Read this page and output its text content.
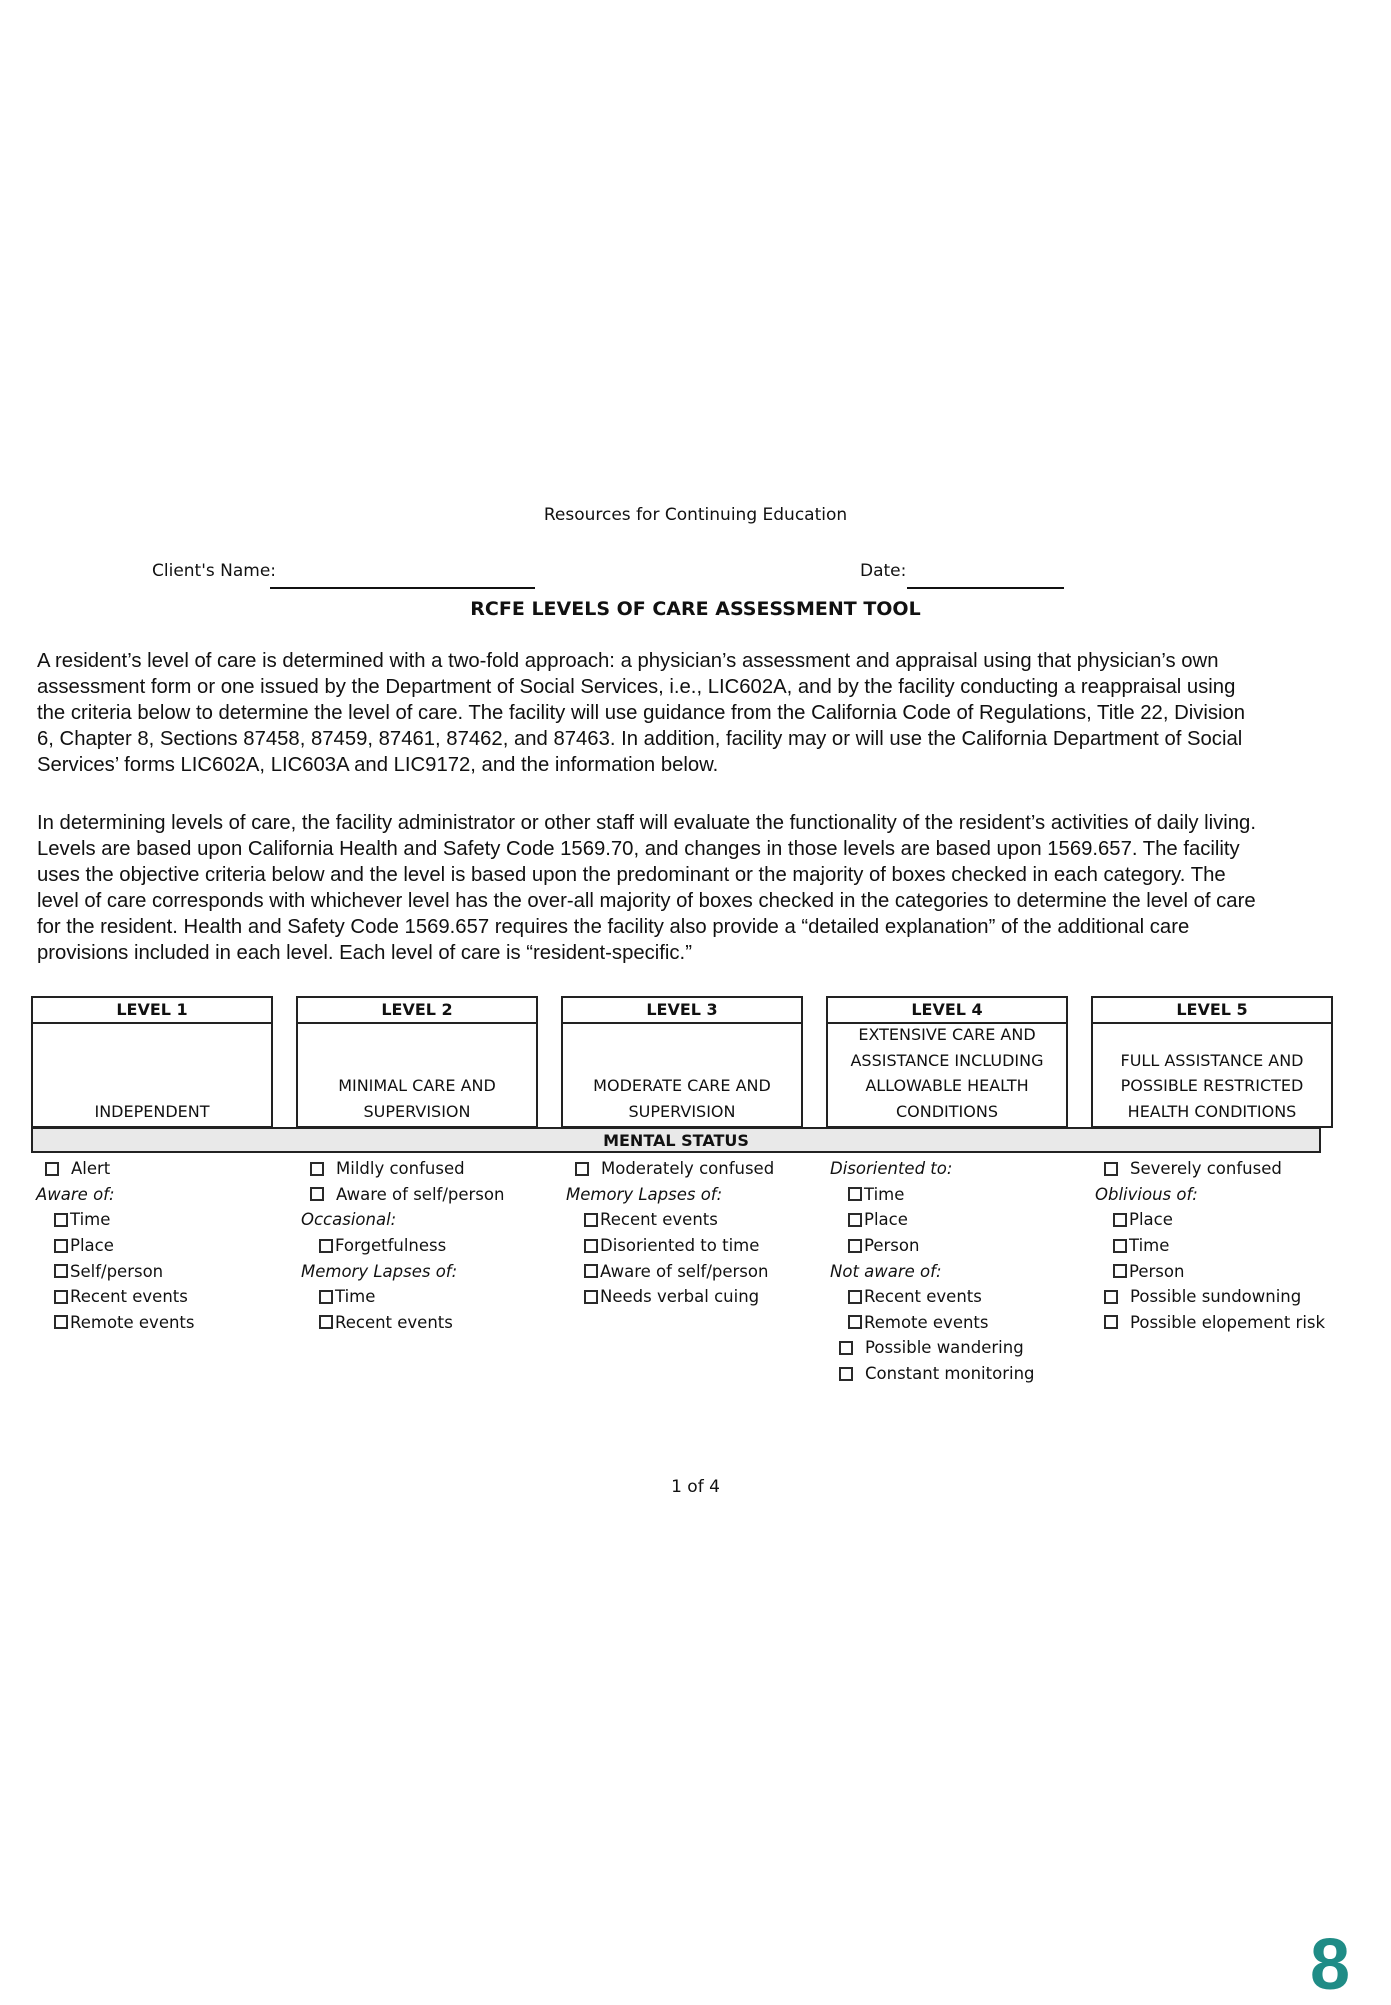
Resources for Continuing Education
Client's Name:	Date:
RCFE LEVELS OF CARE ASSESSMENT TOOL
A resident’s level of care is determined with a two-fold approach: a physician’s assessment and appraisal using that physician’s own
assessment form or one issued by the Department of Social Services, i.e., LIC602A, and by the facility conducting a reappraisal using
the criteria below to determine the level of care. The facility will use guidance from the California Code of Regulations, Title 22, Division
6, Chapter 8, Sections 87458, 87459, 87461, 87462, and 87463. In addition, facility may or will use the California Department of Social
Services’ forms LIC602A, LIC603A and LIC9172, and the information below.
In determining levels of care, the facility administrator or other staff will evaluate the functionality of the resident’s activities of daily living.
Levels are based upon California Health and Safety Code 1569.70, and changes in those levels are based upon 1569.657. The facility
uses the objective criteria below and the level is based upon the predominant or the majority of boxes checked in each category. The
level of care corresponds with whichever level has the over-all majority of boxes checked in the categories to determine the level of care
for the resident. Health and Safety Code 1569.657 requires the facility also provide a “detailed explanation” of the additional care
provisions included in each level. Each level of care is “resident-specific.”
LEVEL 1
INDEPENDENT
LEVEL 2
MINIMAL CARE AND
SUPERVISION
LEVEL 3
MODERATE CARE AND
SUPERVISION
LEVEL 4
EXTENSIVE CARE AND
ASSISTANCE INCLUDING
ALLOWABLE HEALTH
CONDITIONS
LEVEL 5
FULL ASSISTANCE AND
POSSIBLE RESTRICTED
HEALTH CONDITIONS
MENTAL STATUS
Alert
Aware of:
Time
Place
Self/person
Recent events
Remote events
Mildly confused
Aware of self/person
Occasional:
Forgetfulness
Memory Lapses of:
Time
Recent events
Moderately confused
Memory Lapses of:
Recent events
Disoriented to time
Aware of self/person
Needs verbal cuing
Disoriented to:
Time
Place
Person
Not aware of:
Recent events
Remote events
Possible wandering
Constant monitoring
Severely confused
Oblivious of:
Place
Time
Person
Possible sundowning
Possible elopement risk
1 of 4
8
